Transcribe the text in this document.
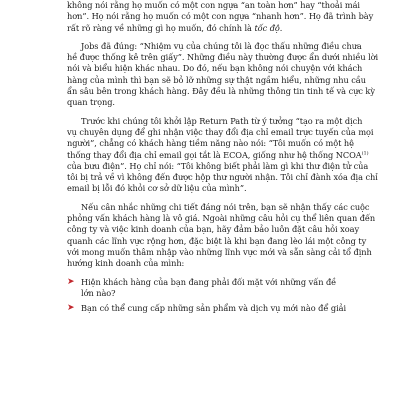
không nói rằng họ muốn có một con ngựa “an toàn hơn” hay “thoải mái
hơn”. Họ nói rằng họ muốn có một con ngựa “nhanh hơn”. Họ đã trình bày
rất rõ ràng về những gì họ muốn, đó chính là tốc độ.

Jobs đã đúng: “Nhiệm vụ của chúng tôi là đọc thấu những điều chưa
hề được thống kê trên giấy”. Những điều này thường được ẩn dưới nhiều lời
nói và biểu hiện khác nhau. Do đó, nếu bạn không nói chuyện với khách
hàng của mình thì bạn sẽ bỏ lỡ những sự thật ngầm hiểu, những nhu cầu
ẩn sâu bên trong khách hàng. Đây đều là những thông tin tinh tế và cực kỳ
quan trọng.

Trước khi chúng tôi khởi lập Return Path từ ý tưởng “tạo ra một dịch
vụ chuyên dụng để ghi nhận việc thay đổi địa chỉ email trực tuyến của mọi
người”, chẳng có khách hàng tiềm năng nào nói: “Tôi muốn có một hệ
thống thay đổi địa chỉ email gọi tắt là ECOA, giống như hệ thống NCOA$^{(1)}$
của bưu điện”. Họ chỉ nói: “Tôi không biết phải làm gì khi thư điện tử của
tôi bị trả về vì không đến được hộp thư người nhận. Tôi chỉ đành xóa địa chỉ
email bị lỗi đó khỏi cơ sở dữ liệu của mình”.

Nếu cân nhắc những chi tiết đáng nói trên, bạn sẽ nhận thấy các cuộc
phỏng vấn khách hàng là vô giá. Ngoài những câu hỏi cụ thể liên quan đến
công ty và việc kinh doanh của bạn, hãy đảm bảo luôn đặt câu hỏi xoay
quanh các lĩnh vực rộng hơn, đặc biệt là khi bạn đang lèo lái một công ty
với mong muốn thâm nhập vào những lĩnh vực mới và sẵn sàng cải tổ định
hướng kinh doanh của mình:

➤ Hiện khách hàng của bạn đang phải đối mặt với những vấn đề
lớn nào?
➤ Bạn có thể cung cấp những sản phẩm và dịch vụ mới nào để giải
